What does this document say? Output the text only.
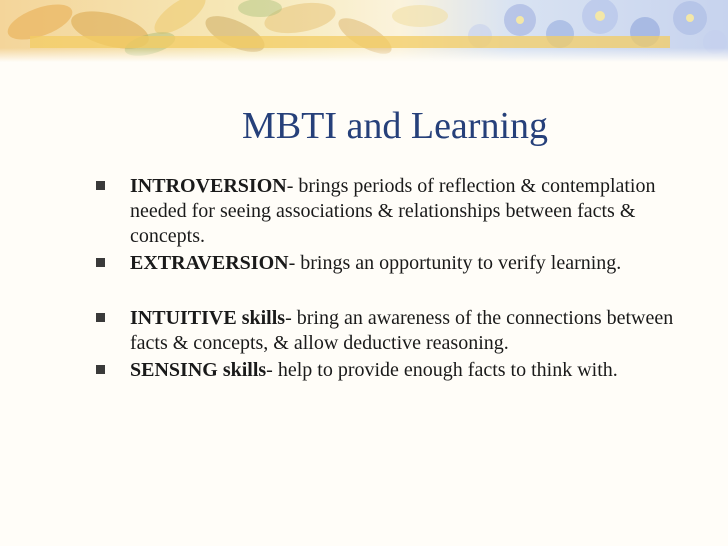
MBTI and Learning
INTROVERSION- brings periods of reflection & contemplation needed for seeing associations & relationships between facts & concepts.
EXTRAVERSION- brings an opportunity to verify learning.
INTUITIVE skills- bring an awareness of the connections between facts & concepts, & allow deductive reasoning.
SENSING skills- help to provide enough facts to think with.
